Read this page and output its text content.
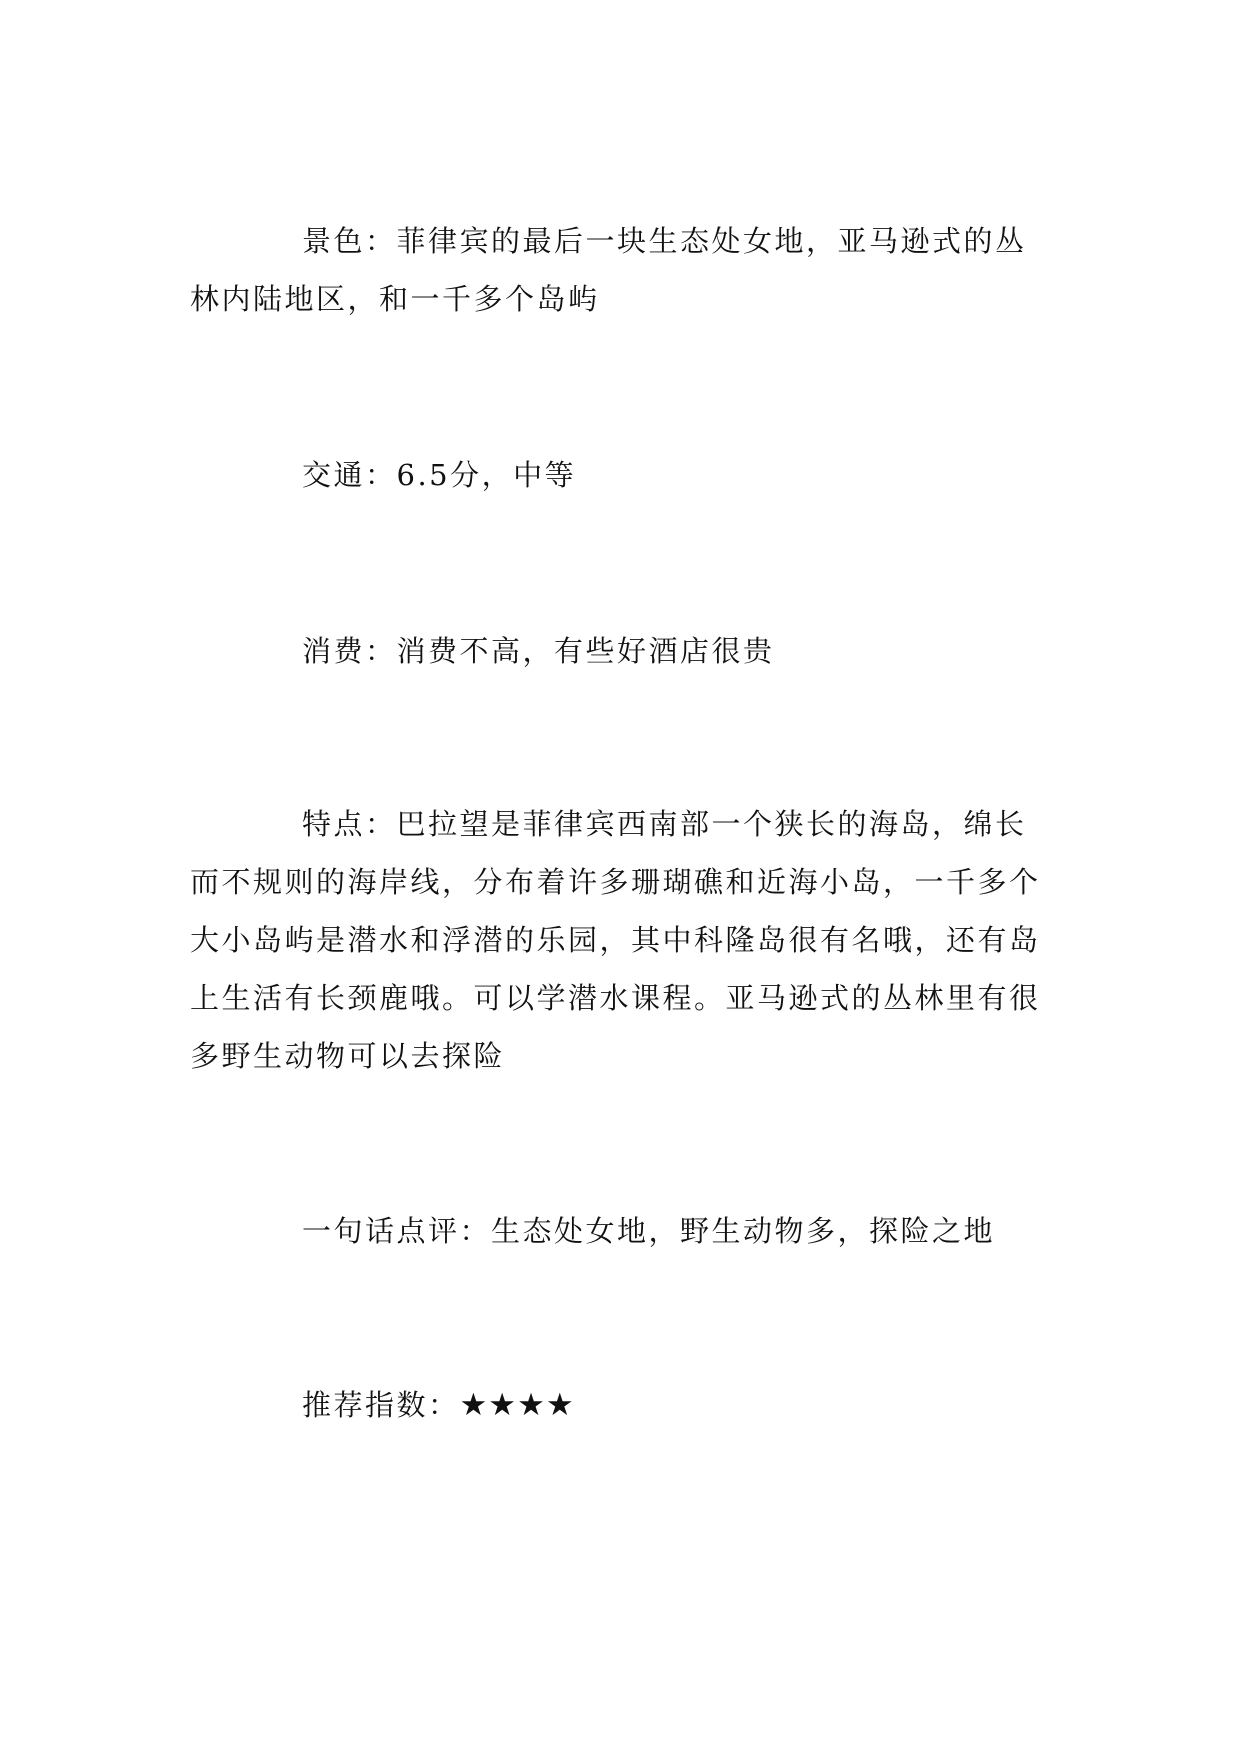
景色：菲律宾的最后一块生态处女地，亚马逊式的丛林内陆地区，和一千多个岛屿

交通：6.5分，中等

消费：消费不高，有些好酒店很贵

特点：巴拉望是菲律宾西南部一个狭长的海岛，绵长而不规则的海岸线，分布着许多珊瑚礁和近海小岛，一千多个大小岛屿是潜水和浮潜的乐园，其中科隆岛很有名哦，还有岛上生活有长颈鹿哦。可以学潜水课程。亚马逊式的丛林里有很多野生动物可以去探险

一句话点评：生态处女地，野生动物多，探险之地

推荐指数：★★★★
